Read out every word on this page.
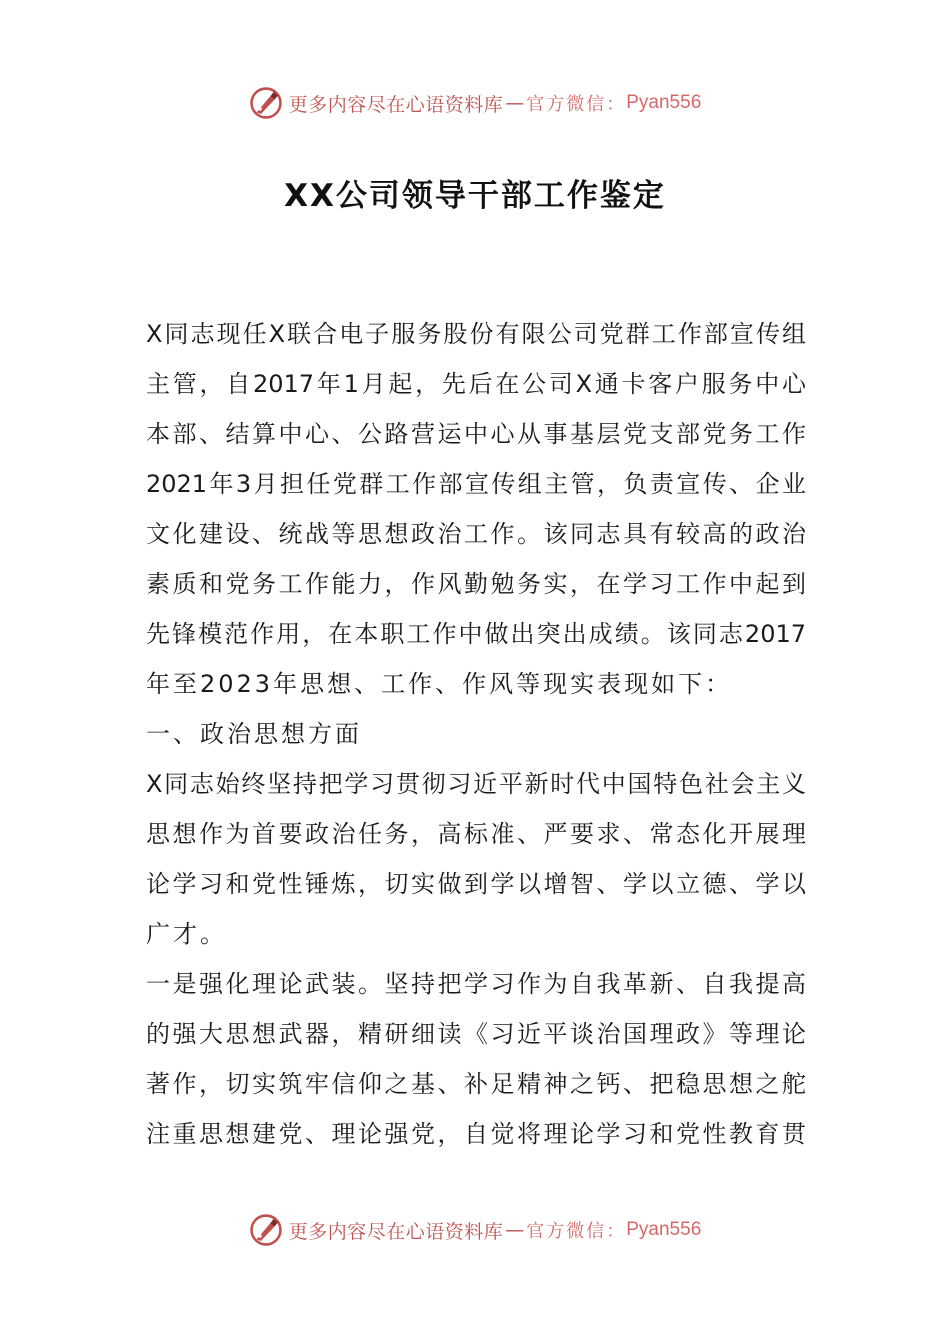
更多内容尽在心语资料库 — 官方微信： Pyan556
XX公司领导干部工作鉴定
X同志现任X联合电子服务股份有限公司党群工作部宣传组
主管，自2017年1月起，先后在公司X通卡客户服务中心
本部、结算中心、公路营运中心从事基层党支部党务工作
2021年3月担任党群工作部宣传组主管，负责宣传、企业
文化建设、统战等思想政治工作。该同志具有较高的政治
素质和党务工作能力，作风勤勉务实，在学习工作中起到
先锋模范作用，在本职工作中做出突出成绩。该同志2017
年至2023年思想、工作、作风等现实表现如下：
一、政治思想方面
X同志始终坚持把学习贯彻习近平新时代中国特色社会主义
思想作为首要政治任务，高标准、严要求、常态化开展理
论学习和党性锤炼，切实做到学以增智、学以立德、学以
广才。
一是强化理论武装。坚持把学习作为自我革新、自我提高
的强大思想武器，精研细读《习近平谈治国理政》等理论
著作，切实筑牢信仰之基、补足精神之钙、把稳思想之舵
注重思想建党、理论强党，自觉将理论学习和党性教育贯
更多内容尽在心语资料库 — 官方微信： Pyan556
